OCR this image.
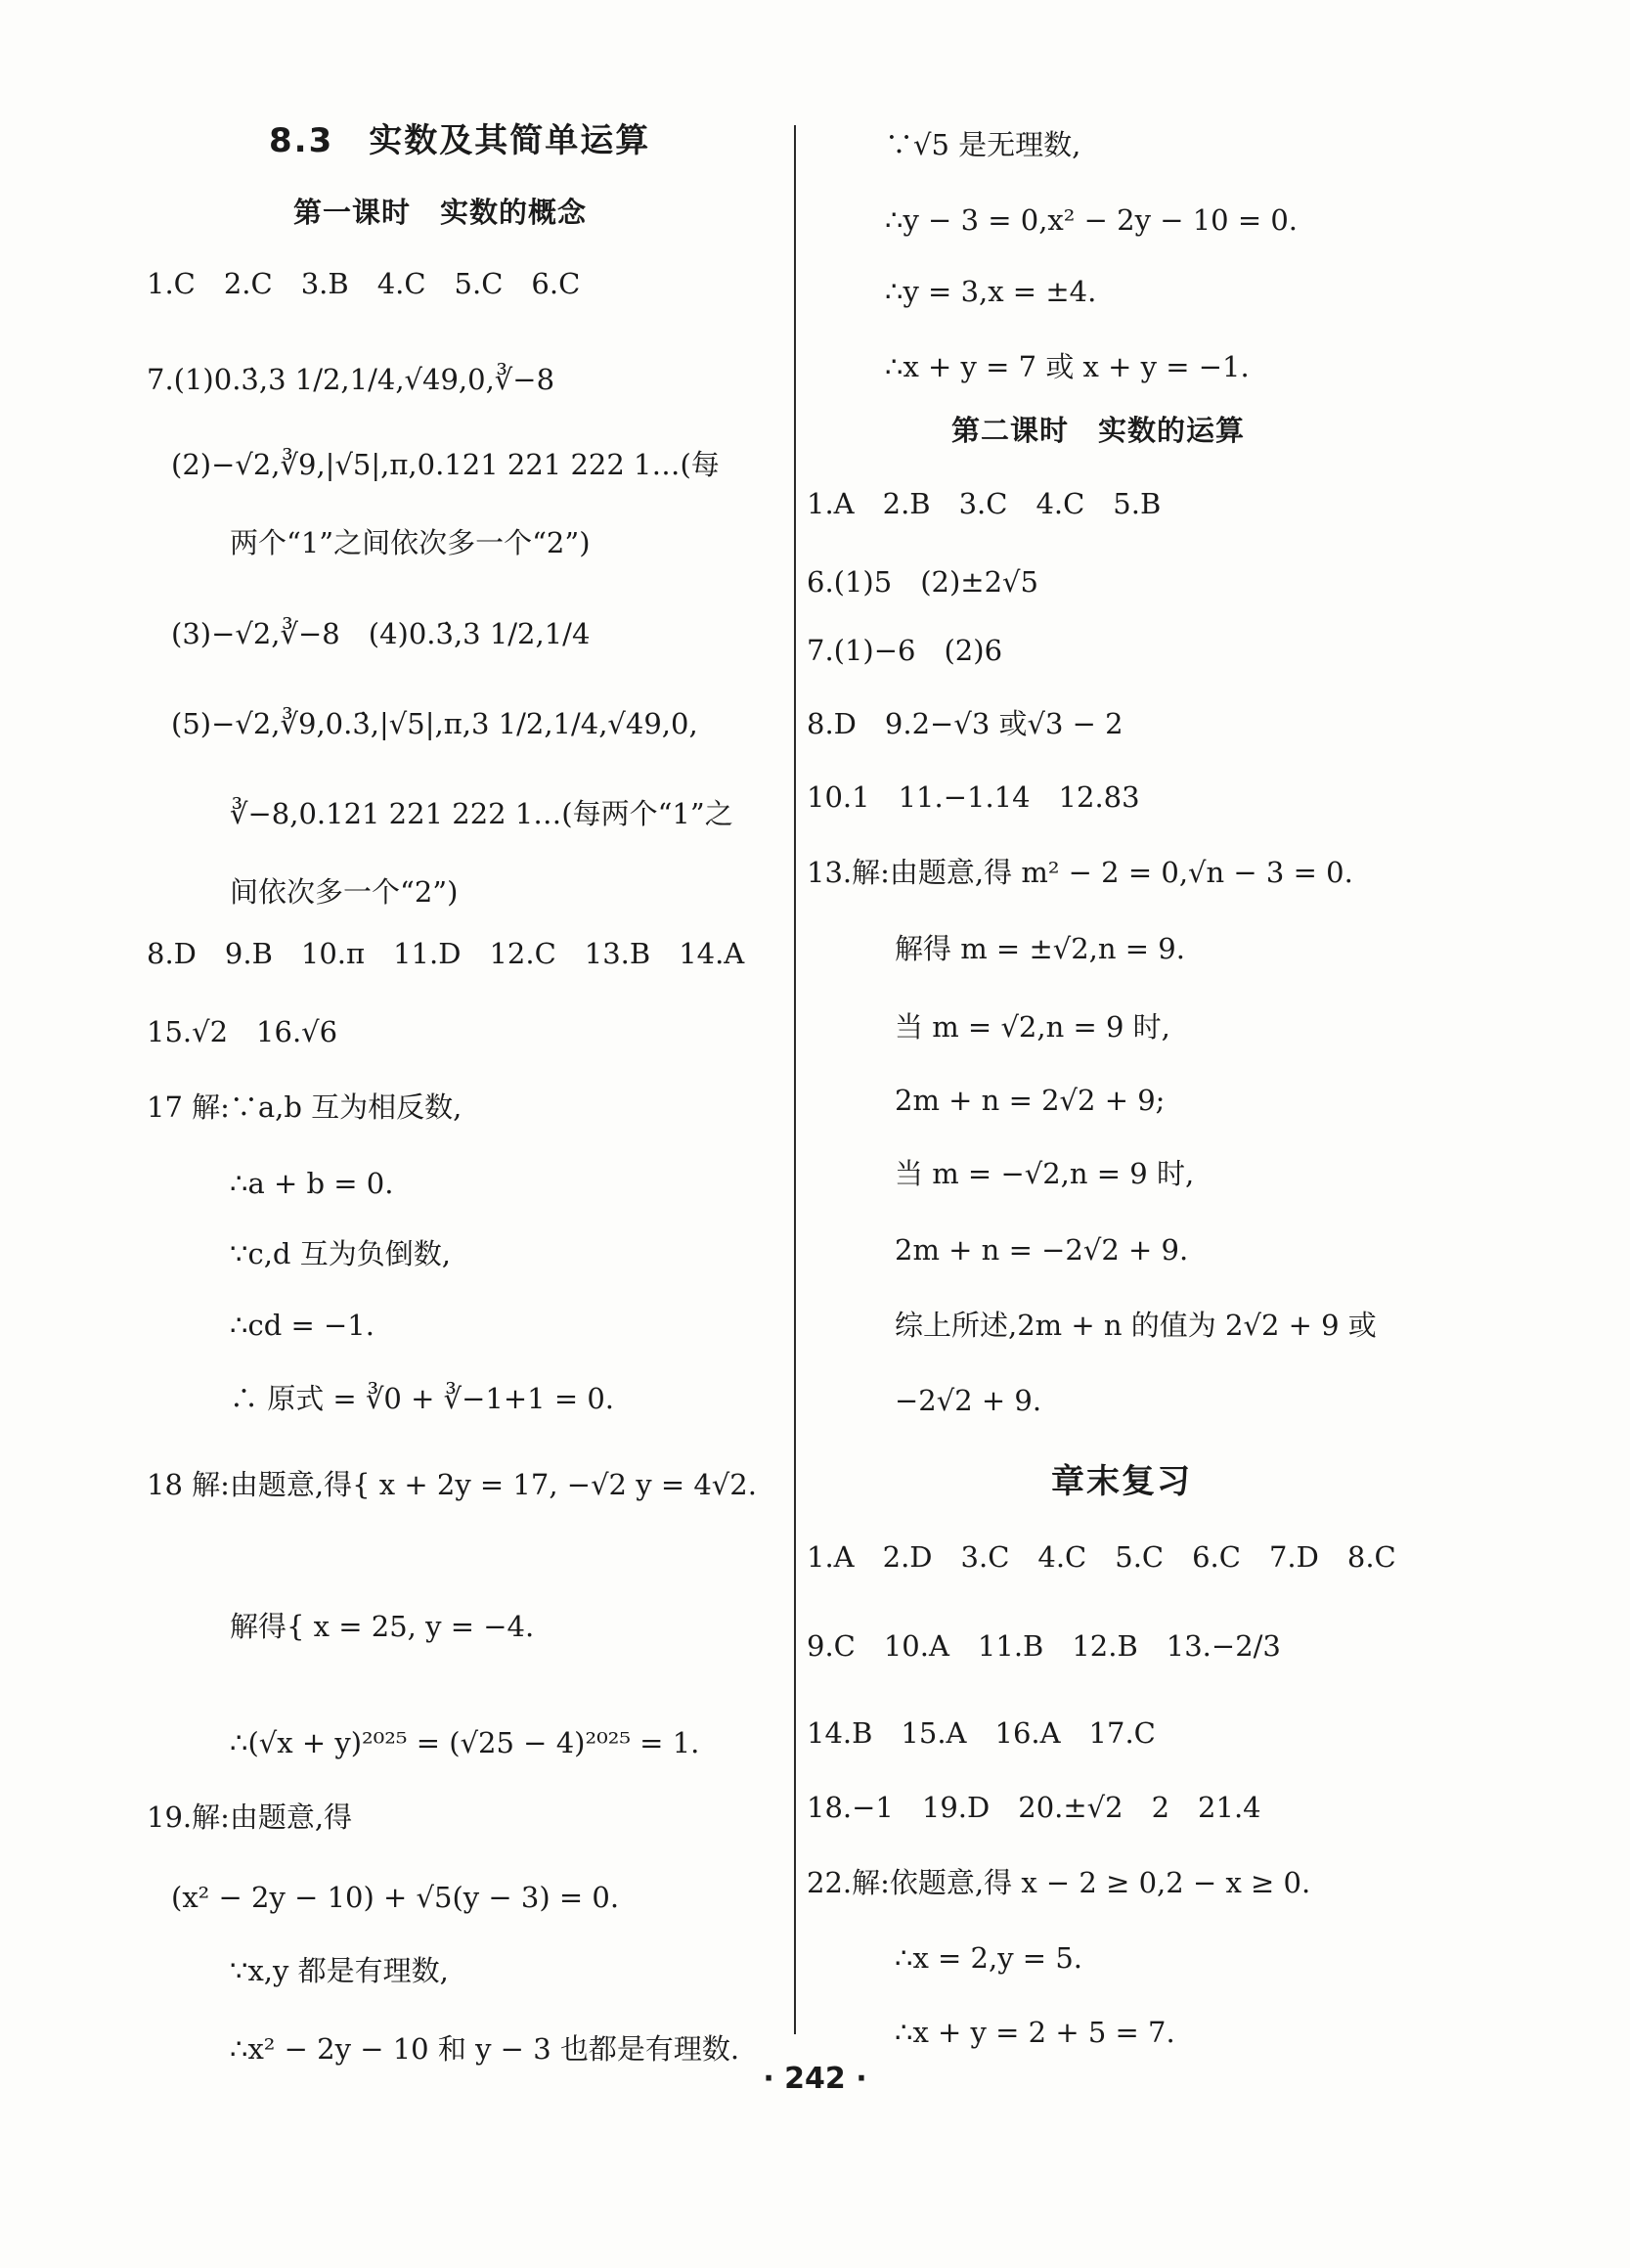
8.3　实数及其简单运算
第一课时　实数的概念
1.C　2.C　3.B　4.C　5.C　6.C
7.(1)0.3̇,3 1/2,1/4,√49,0,∛−8
(2)−√2,∛9,|√5|,π,0.121 221 222 1…(每
两个“1”之间依次多一个“2”)
(3)−√2,∛−8　(4)0.3̇,3 1/2,1/4
(5)−√2,∛9,0.3̇,|√5|,π,3 1/2,1/4,√49,0,
∛−8,0.121 221 222 1…(每两个“1”之
间依次多一个“2”)
8.D　9.B　10.π　11.D　12.C　13.B　14.A
15.√2　16.√6
17 解:∵a,b 互为相反数,
∴a + b = 0.
∵c,d 互为负倒数,
∴cd = −1.
∴ 原式 = ∛0 + ∛−1+1 = 0.
18 解:由题意,得{ x + 2y = 17, −√2 y = 4√2.
解得{ x = 25, y = −4.
∴(√x + y)²⁰²⁵ = (√25 − 4)²⁰²⁵ = 1.
19.解:由题意,得
(x² − 2y − 10) + √5(y − 3) = 0.
∵x,y 都是有理数,
∴x² − 2y − 10 和 y − 3 也都是有理数.
第二课时　实数的运算
章末复习
∵√5 是无理数,
∴y − 3 = 0,x² − 2y − 10 = 0.
∴y = 3,x = ±4.
∴x + y = 7 或 x + y = −1.
1.A　2.B　3.C　4.C　5.B
6.(1)5　(2)±2√5
7.(1)−6　(2)6
8.D　9.2−√3 或√3 − 2
10.1　11.−1.14　12.83
13.解:由题意,得 m² − 2 = 0,√n − 3 = 0.
解得 m = ±√2,n = 9.
当 m = √2,n = 9 时,
2m + n = 2√2 + 9;
当 m = −√2,n = 9 时,
2m + n = −2√2 + 9.
综上所述,2m + n 的值为 2√2 + 9 或
−2√2 + 9.
1.A　2.D　3.C　4.C　5.C　6.C　7.D　8.C
9.C　10.A　11.B　12.B　13.−2/3
14.B　15.A　16.A　17.C
18.−1　19.D　20.±√2　2　21.4
22.解:依题意,得 x − 2 ≥ 0,2 − x ≥ 0.
∴x = 2,y = 5.
∴x + y = 2 + 5 = 7.
· 242 ·
